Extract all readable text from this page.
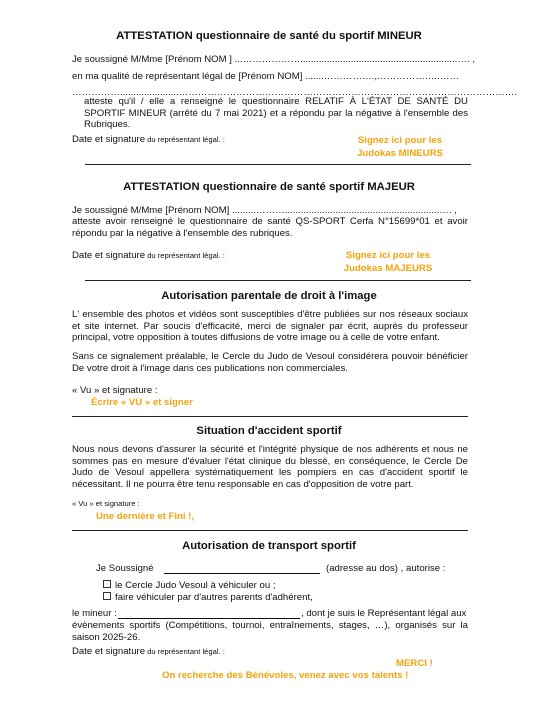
ATTESTATION questionnaire de santé du sportif MINEUR
Je soussigné M/Mme [Prénom NOM ] ...………………...........................................................…. ,
en ma qualité de représentant légal de [Prénom NOM] .......…………….,…………….….……
……………......................…………………………………………………………………………………………….
atteste qu'il / elle a renseigné le questionnaire RELATIF À L'ÉTAT DE SANTÉ DU SPORTIF MINEUR (arrêté du 7 mai 2021) et a répondu par la négative à l'ensemble des Rubriques.
Date et signature du représentant légal. :	Signez ici pour les
Judokas MINEURS
ATTESTATION questionnaire de santé sportif MAJEUR
Je soussigné M/Mme [Prénom NOM] .........………..........................................................…. ,
atteste avoir renseigné le questionnaire de santé QS-SPORT Cerfa N°15699*01 et avoir répondu par la négative à l'ensemble des rubriques.
Date et signature du représentant légal. :	Signez ici pour les
Judokas MAJEURS
Autorisation parentale de droit à l'image
L' ensemble des photos et vidéos sont susceptibles d'être publiées sur nos réseaux sociaux et site internet. Par soucis d'efficacité, merci de signaler par écrit, auprès du professeur principal, votre opposition à toutes diffusions de votre image ou à celle de votre enfant.
Sans ce signalement préalable, le Cercle du Judo de Vesoul considérera pouvoir bénéficier De votre droit à l'image dans ces publications non commerciales.
« Vu » et signature :
Écrire « VU » et signer
Situation d'accident sportif
Nous nous devons d'assurer la sécurité et l'intégrité physique de nos adhérents et nous ne sommes pas en mesure d'évaluer l'état clinique du blessé, en conséquence, le Cercle De Judo de Vesoul appellera systématiquement les pompiers en cas d'accident sportif le nécessitant. Il ne pourra être tenu responsable en cas d'opposition de votre part.
« Vu » et signature :
Une dernière et Fini !,
Autorisation de transport sportif
Je Soussigné	(adresse au dos) , autorise :
le Cercle Judo Vesoul à véhiculer ou ;
faire véhiculer par d'autres parents d'adhérent,
le mineur :	, dont je suis le Représentant légal aux
évènements sportifs (Compétitions, tournoi, entraînements, stages, …), organisés sur la saison 2025-26.
Date et signature du représentant légal. :
MERCI !
On recherche des Bénévoles, venez avec vos talents !
